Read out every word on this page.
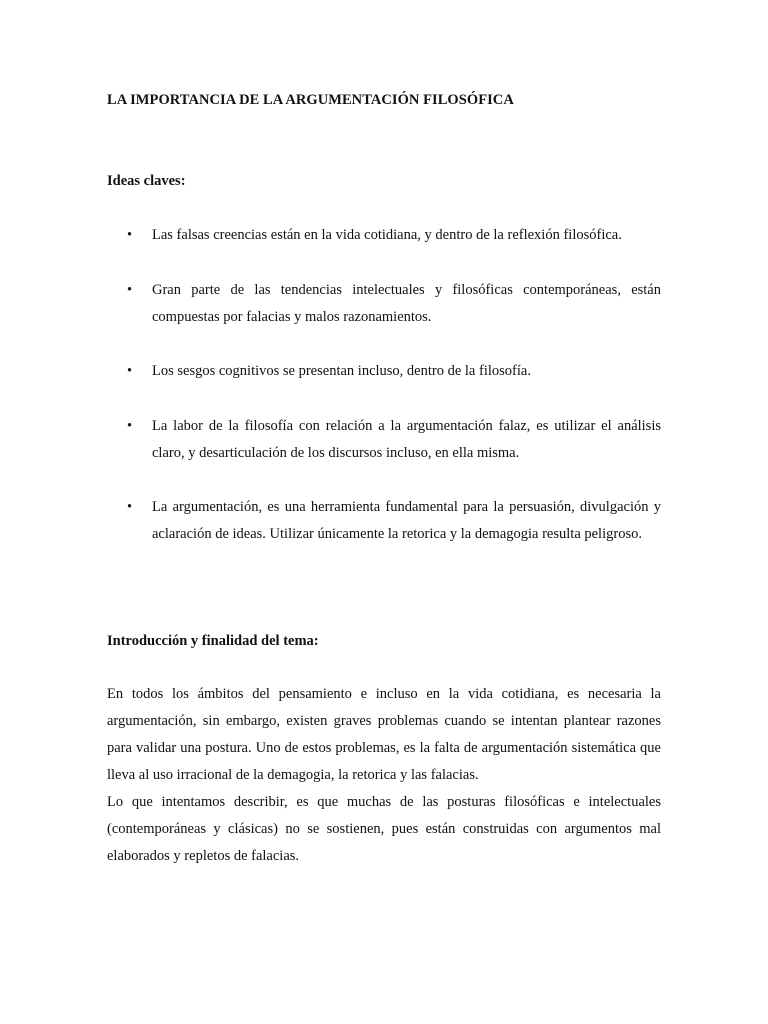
LA IMPORTANCIA DE LA ARGUMENTACIÓN FILOSÓFICA
Ideas claves:
• Las falsas creencias están en la vida cotidiana, y dentro de la reflexión filosófica.
• Gran parte de las tendencias intelectuales y filosóficas contemporáneas, están compuestas por falacias y malos razonamientos.
• Los sesgos cognitivos se presentan incluso, dentro de la filosofía.
• La labor de la filosofía con relación a la argumentación falaz, es utilizar el análisis claro, y desarticulación de los discursos incluso, en ella misma.
• La argumentación, es una herramienta fundamental para la persuasión, divulgación y aclaración de ideas. Utilizar únicamente la retorica y la demagogia resulta peligroso.
Introducción y finalidad del tema:
En todos los ámbitos del pensamiento e incluso en la vida cotidiana, es necesaria la argumentación, sin embargo, existen graves problemas cuando se intentan plantear razones para validar una postura. Uno de estos problemas, es la falta de argumentación sistemática que lleva al uso irracional de la demagogia, la retorica y las falacias.
Lo que intentamos describir, es que muchas de las posturas filosóficas e intelectuales (contemporáneas y clásicas) no se sostienen, pues están construidas con argumentos mal elaborados y repletos de falacias.
